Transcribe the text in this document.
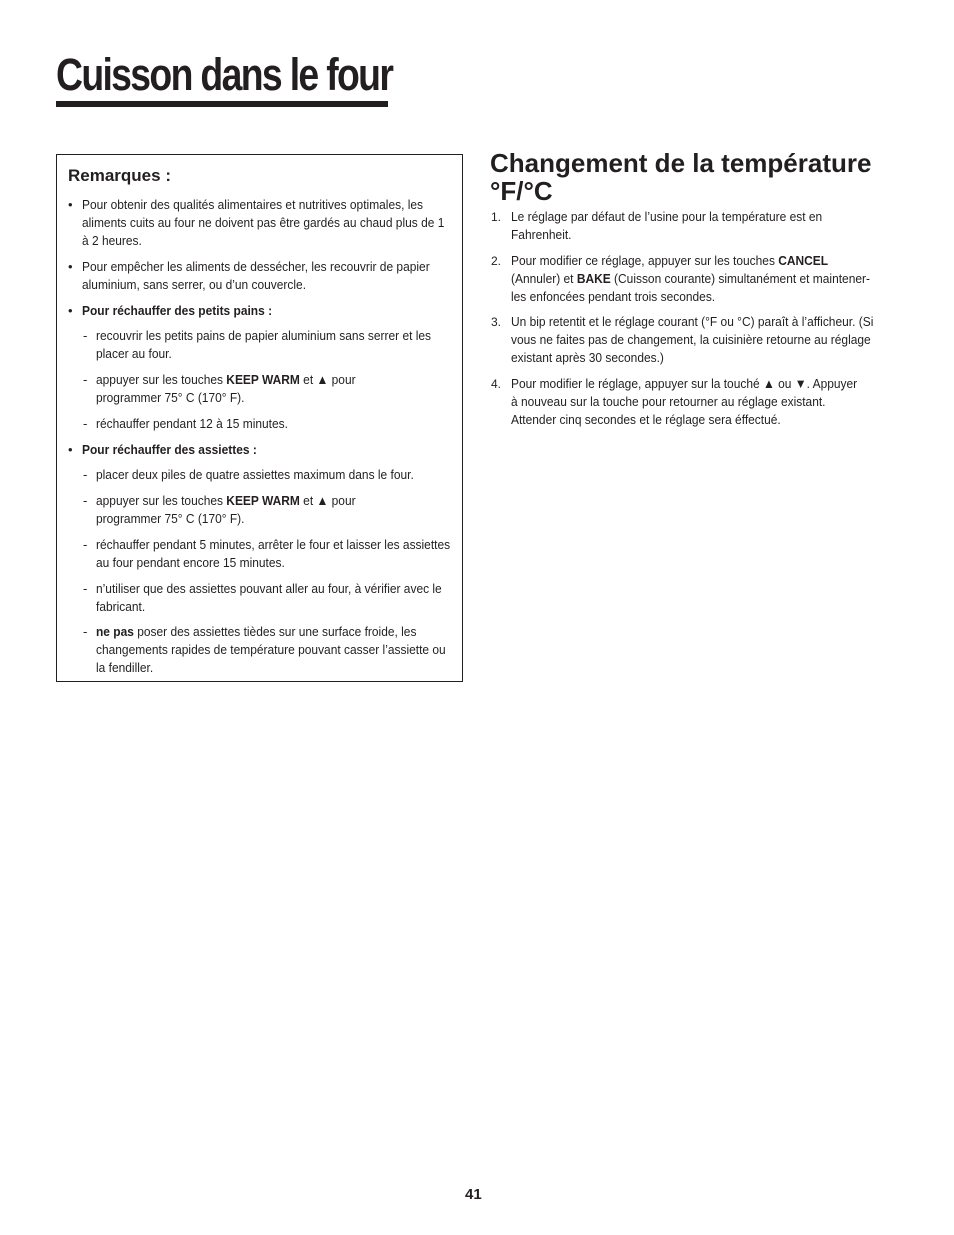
Cuisson dans le four
Remarques :
• Pour obtenir des qualités alimentaires et nutritives optimales, les aliments cuits au four ne doivent pas être gardés au chaud plus de 1 à 2 heures.

• Pour empêcher les aliments de dessécher, les recouvrir de papier aluminium, sans serrer, ou d’un couvercle.

• Pour réchauffer des petits pains :

- recouvrir les petits pains de papier aluminium sans serrer et les placer au four.

- appuyer sur les touches KEEP WARM et ▲ pour programmer 75° C (170° F).

- réchauffer pendant 12 à 15 minutes.

• Pour réchauffer des assiettes :

- placer deux piles de quatre assiettes maximum dans le four.

- appuyer sur les touches KEEP WARM et ▲ pour programmer 75° C (170° F).

- réchauffer pendant 5 minutes, arrêter le four et laisser les assiettes au four pendant encore 15 minutes.

- n’utiliser que des assiettes pouvant aller au four, à vérifier avec le fabricant.

- ne pas poser des assiettes tièdes sur une surface froide, les changements rapides de température pouvant casser l’assiette ou la fendiller.

Changement de la température °F/°C
1. Le réglage par défaut de l’usine pour la température est en Fahrenheit.

2. Pour modifier ce réglage, appuyer sur les touches CANCEL (Annuler) et BAKE (Cuisson courante) simultanément et maintener-les enfoncées pendant trois secondes.

3. Un bip retentit et le réglage courant (°F ou °C) paraît à l’afficheur. (Si vous ne faites pas de changement, la cuisinière retourne au réglage existant après 30 secondes.)

4. Pour modifier le réglage, appuyer sur la touché ▲ ou ▼. Appuyer à nouveau sur la touche pour retourner au réglage existant. Attender cinq secondes et le réglage sera éffectué.

41
